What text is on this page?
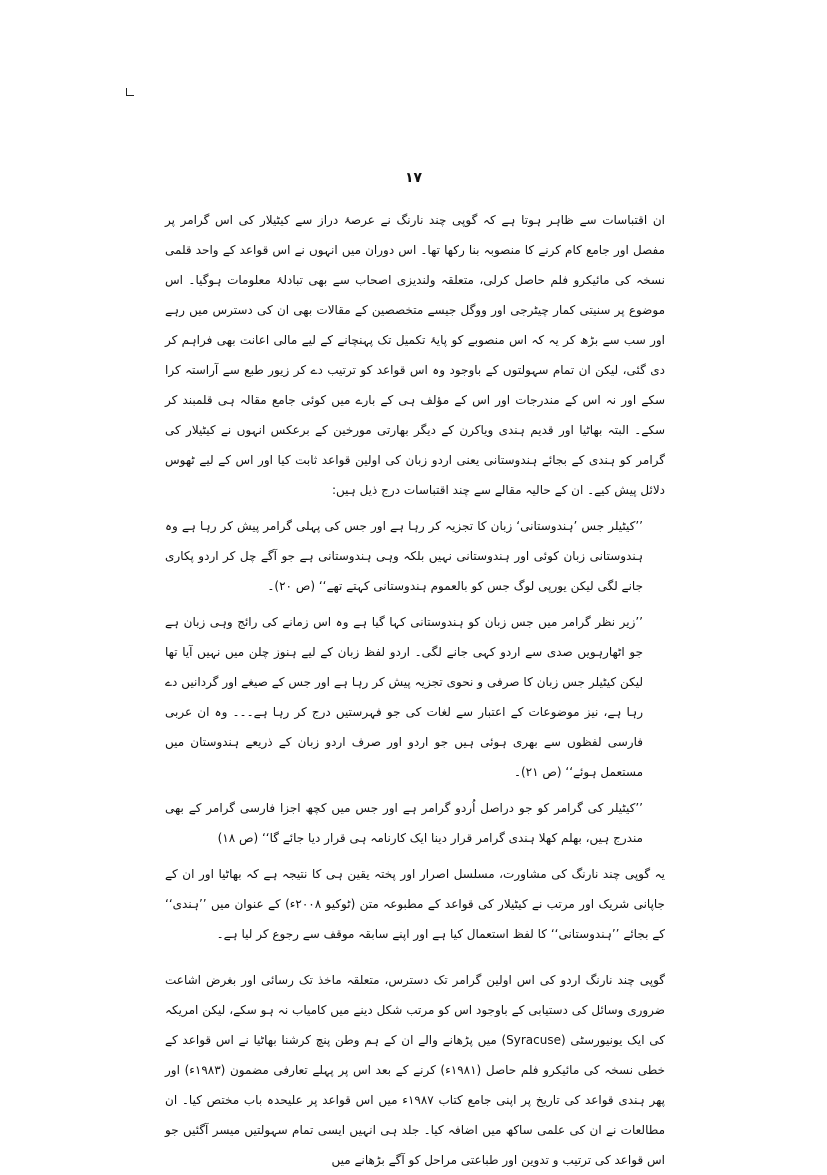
۱۷

ان اقتباسات سے ظاہر ہوتا ہے کہ گوپی چند نارنگ نے عرصۂ دراز سے کیٹیلار کی اس گرامر پر مفصل اور جامع کام کرنے کا منصوبہ بنا رکھا تھا۔ اس دوران میں انہوں نے اس قواعد کے واحد قلمی نسخہ کی مائیکرو فلم حاصل کرلی، متعلقہ ولندیزی اصحاب سے بھی تبادلۂ معلومات ہوگیا۔ اس موضوع پر سنیتی کمار چیٹرجی اور ووگل جیسے متخصصین کے مقالات بھی ان کی دسترس میں رہے اور سب سے بڑھ کر یہ کہ اس منصوبے کو پایۂ تکمیل تک پہنچانے کے لیے مالی اعانت بھی فراہم کر دی گئی، لیکن ان تمام سہولتوں کے باوجود وہ اس قواعد کو ترتیب دے کر زیور طبع سے آراستہ کرا سکے اور نہ اس کے مندرجات اور اس کے مؤلف ہی کے بارے میں کوئی جامع مقالہ ہی قلمبند کر سکے۔ البتہ بھاٹیا اور قدیم ہندی ویاکرن کے دیگر بھارتی مورخین کے برعکس انہوں نے کیٹیلار کی گرامر کو ہندی کے بجائے ہندوستانی یعنی اردو زبان کی اولین قواعد ثابت کیا اور اس کے لیے ٹھوس دلائل پیش کیے۔ ان کے حالیہ مقالے سے چند اقتباسات درج ذیل ہیں:

’’کیٹیلر جس ’ہندوستانی‘ زبان کا تجزیہ کر رہا ہے اور جس کی پہلی گرامر پیش کر رہا ہے وہ ہندوستانی زبان کوئی اور ہندوستانی نہیں بلکہ وہی ہندوستانی ہے جو آگے چل کر اردو پکاری جانے لگی لیکن یورپی لوگ جس کو بالعموم ہندوستانی کہتے تھے‘‘ (ص ۲۰)۔

’’زیر نظر گرامر میں جس زبان کو ہندوستانی کہا گیا ہے وہ اس زمانے کی رائج وہی زبان ہے جو اٹھارہویں صدی سے اردو کہی جانے لگی۔ اردو لفظ زبان کے لیے ہنوز چلن میں نہیں آیا تھا لیکن کیٹیلر جس زبان کا صرفی و نحوی تجزیہ پیش کر رہا ہے اور جس کے صیغے اور گردانیں دے رہا ہے، نیز موضوعات کے اعتبار سے لغات کی جو فہرستیں درج کر رہا ہے۔۔۔ وہ ان عربی فارسی لفظوں سے بھری ہوئی ہیں جو اردو اور صرف اردو زبان کے ذریعے ہندوستان میں مستعمل ہوئے‘‘ (ص ۲۱)۔

’’کیٹیلر کی گرامر کو جو دراصل اُردو گرامر ہے اور جس میں کچھ اجزا فارسی گرامر کے بھی مندرج ہیں، بھلم کھلا ہندی گرامر قرار دینا ایک کارنامہ ہی قرار دیا جائے گا‘‘ (ص ۱۸)

یہ گوپی چند نارنگ کی مشاورت، مسلسل اصرار اور پختہ یقین ہی کا نتیجہ ہے کہ بھاٹیا اور ان کے جاپانی شریک اور مرتب نے کیٹیلار کی قواعد کے مطبوعہ متن (ٹوکیو ۲۰۰۸ء) کے عنوان میں ’’ہندی‘‘ کے بجائے ’’ہندوستانی‘‘ کا لفظ استعمال کیا ہے اور اپنے سابقہ موقف سے رجوع کر لیا ہے۔

گوپی چند نارنگ اردو کی اس اولین گرامر تک دسترس، متعلقہ ماخذ تک رسائی اور بغرض اشاعت ضروری وسائل کی دستیابی کے باوجود اس کو مرتب شکل دینے میں کامیاب نہ ہو سکے، لیکن امریکہ کی ایک یونیورسٹی (Syracuse) میں پڑھانے والے ان کے ہم وطن پنچ کرشنا بھاٹیا نے اس قواعد کے خطی نسخہ کی مائیکرو فلم حاصل (۱۹۸۱ء) کرنے کے بعد اس پر پہلے تعارفی مضمون (۱۹۸۳ء) اور پھر ہندی قواعد کی تاریخ پر اپنی جامع کتاب ۱۹۸۷ء میں اس قواعد پر علیحدہ باب مختص کیا۔ ان مطالعات نے ان کی علمی ساکھ میں اضافہ کیا۔ جلد ہی انہیں ایسی تمام سہولتیں میسر آگئیں جو اس قواعد کی ترتیب و تدوین اور طباعتی مراحل کو آگے بڑھانے میں
